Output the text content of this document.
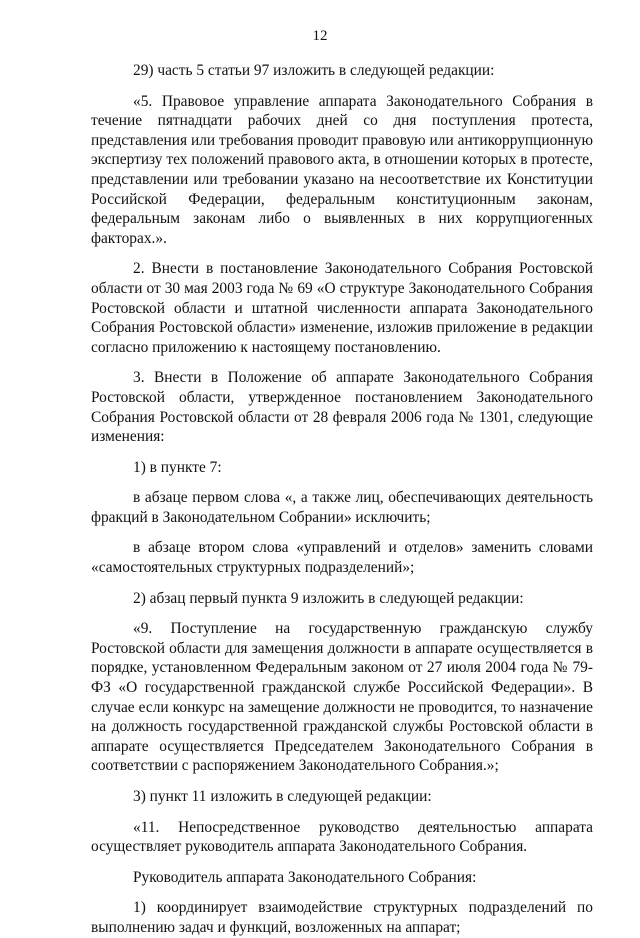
12

29) часть 5 статьи 97 изложить в следующей редакции:

«5. Правовое управление аппарата Законодательного Собрания в течение пятнадцати рабочих дней со дня поступления протеста, представления или требования проводит правовую или антикоррупционную экспертизу тех положений правового акта, в отношении которых в протесте, представлении или требовании указано на несоответствие их Конституции Российской Федерации, федеральным конституционным законам, федеральным законам либо о выявленных в них коррупциогенных факторах.».

2. Внести в постановление Законодательного Собрания Ростовской области от 30 мая 2003 года № 69 «О структуре Законодательного Собрания Ростовской области и штатной численности аппарата Законодательного Собрания Ростовской области» изменение, изложив приложение в редакции согласно приложению к настоящему постановлению.

3. Внести в Положение об аппарате Законодательного Собрания Ростовской области, утвержденное постановлением Законодательного Собрания Ростовской области от 28 февраля 2006 года № 1301, следующие изменения:

1) в пункте 7:

в абзаце первом слова «, а также лиц, обеспечивающих деятельность фракций в Законодательном Собрании» исключить;

в абзаце втором слова «управлений и отделов» заменить словами «самостоятельных структурных подразделений»;

2) абзац первый пункта 9 изложить в следующей редакции:

«9. Поступление на государственную гражданскую службу Ростовской области для замещения должности в аппарате осуществляется в порядке, установленном Федеральным законом от 27 июля 2004 года № 79-ФЗ «О государственной гражданской службе Российской Федерации». В случае если конкурс на замещение должности не проводится, то назначение на должность государственной гражданской службы Ростовской области в аппарате осуществляется Председателем Законодательного Собрания в соответствии с распоряжением Законодательного Собрания.»;

3) пункт 11 изложить в следующей редакции:

«11. Непосредственное руководство деятельностью аппарата осуществляет руководитель аппарата Законодательного Собрания.

Руководитель аппарата Законодательного Собрания:

1) координирует взаимодействие структурных подразделений по выполнению задач и функций, возложенных на аппарат;
